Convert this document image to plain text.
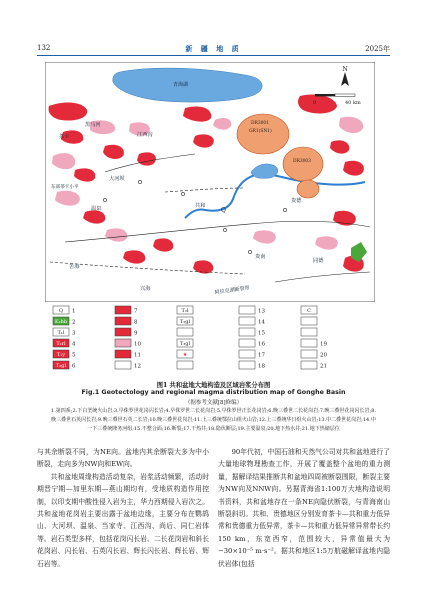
132	新 疆 地 质	2025年
青海湖
共和
贵南
贵德
兴海
苦海
茶卡
黑马河
大河坝
温泉
同德
江西沟
东部茶卡小平
阿拉克湖断裂带
Q
GR1(SN1)
DR3001
DR3003
N
0	40 km
Q 1	7	T₂l	13	C
K₂hb 2	8	T₂gl	14
T₁l 3	9	15
T₂rl 4	10	T₃gl	16	19
T₁y 5	11	★	17	20
T₃gl 6	12	18	21
图1 共和盆地大地构造及区域岩浆分布图
Fig.1 Geotectology and regional magma distribution map of Gonghe Basin
（据参考文献[8]修编）
1.第四系;2.下白垩统火山岩;3.早侏罗世花岗闪长岩;4.早侏罗世二长花岗岩;5.早侏罗世正长花岗岩;6.晚三叠世二长花岗岩;7.晚三叠世花岗闪长岩;8.晚三叠世石英闪长岩;9.晚三叠世石英二长岩;10.晚三叠世花岗岩;11.上三叠统鄂拉山组火山岩;12.上三叠统华日组火山岩;13.中二叠世花岗岩;14.中一下三叠统隆务河组;15.不整合面;16.断裂;17.干热井;18.隐伏断层;19.主要温泉;20.地下热水井;21.地下热储层位

与其余断裂不同，为NE向。盆地内其余断裂大多为中小断裂，走向多为NW向和EW向。

共和盆地周缘构造活动复杂，岩浆活动频繁，活动时期晋宁期—加里东期—燕山期均有，受地质构造作用控制，以印支期中酸性侵入岩为主，华力西期侵入岩次之。共和盆地花岗岩主要出露于盆地边缘，主要分布在鹦鸪山、大河坝、温泉、当家寺、江西沟、尚后、同仁岩体等。岩石类型多样，包括花岗闪长岩、二长花岗岩和斜长花岗岩、闪长岩、石英闪长岩、辉长闪长岩、辉长岩、辉石岩等。

90年代初，中国石油和天然气公司对共和盆地进行了大量地球物理勘查工作，开展了覆盖整个盆地的重力测量，据解译结果推断共和盆地四周被断裂围限，断裂主要为NW向及NNW向。另据青海省1:100万大地构造说明书资料，共和盆地存在一条NE向隐伏断裂，与青海南山断裂斜切。共和、贵德地区分别发育茶卡—共和重力低异常和贵德重力低异常，茶卡—共和重力低异常异常带长约150 km，东宽西窄，范围较大，异常值最大为−30×10⁻⁵ m·s⁻²。据共和地区1:5万航磁解译盆地内隐伏岩体(包括
